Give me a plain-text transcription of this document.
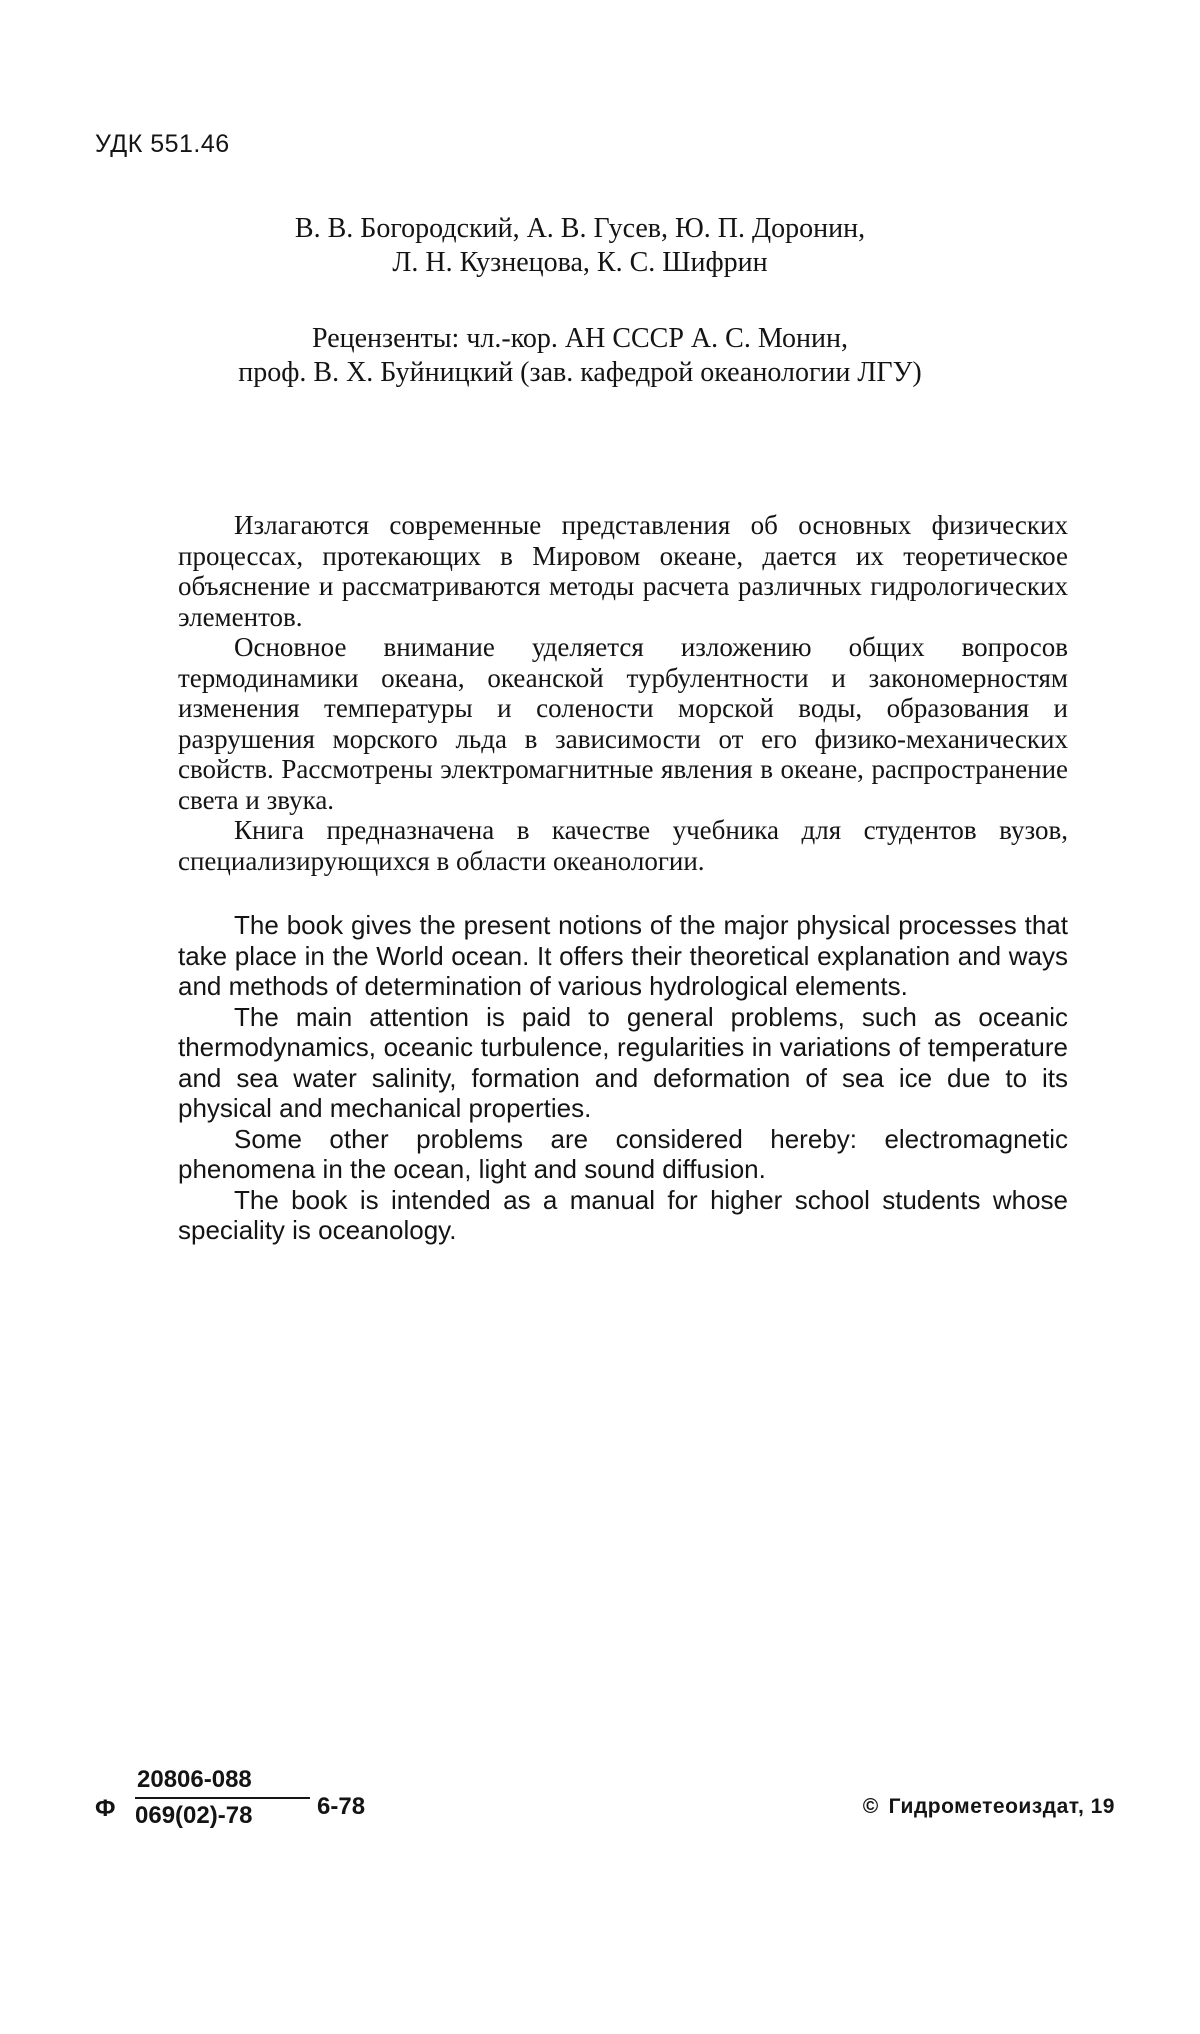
УДК 551.46
В. В. Богородский, А. В. Гусев, Ю. П. Доронин,
Л. Н. Кузнецова, К. С. Шифрин
Рецензенты: чл.-кор. АН СССР А. С. Монин,
проф. В. Х. Буйницкий (зав. кафедрой океанологии ЛГУ)

Излагаются современные представления об основных физических процессах, протекающих в Мировом океане, дается их теоретическое объяснение и рассматриваются методы расчета различных гидрологических элементов.

Основное внимание уделяется изложению общих вопросов термодинамики океана, океанской турбулентности и закономерностям изменения температуры и солености морской воды, образования и разрушения морского льда в зависимости от его физико-механических свойств. Рассмотрены электромагнитные явления в океане, распространение света и звука.

Книга предназначена в качестве учебника для студентов вузов, специализирующихся в области океанологии.

The book gives the present notions of the major physical processes that take place in the World ocean. It offers their theoretical explanation and ways and methods of determination of various hydrological elements.

The main attention is paid to general problems, such as oceanic thermodynamics, oceanic turbulence, regularities in variations of temperature and sea water salinity, formation and deformation of sea ice due to its physical and mechanical properties.

Some other problems are considered hereby: electromagnetic phenomena in the ocean, light and sound diffusion.

The book is intended as a manual for higher school students whose speciality is oceanology.

Ф
20806-088
069(02)-78	6-78	© Гидрометеоиздат, 19
